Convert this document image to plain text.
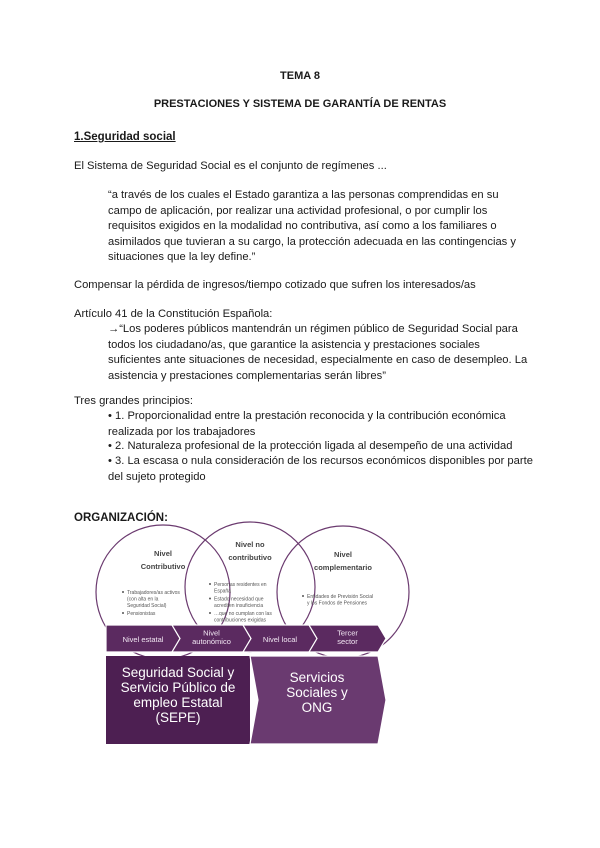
TEMA 8
PRESTACIONES Y SISTEMA DE GARANTÍA DE RENTAS
1.Seguridad social
El Sistema de Seguridad Social es el conjunto de regímenes ...
“a través de los cuales el Estado garantiza a las personas comprendidas en su campo de aplicación, por realizar una actividad profesional, o por cumplir los requisitos exigidos en la modalidad no contributiva, así como a los familiares o asimilados que tuvieran a su cargo, la protección adecuada en las contingencias y situaciones que la ley define.”
Compensar la pérdida de ingresos/tiempo cotizado que sufren los interesados/as
Artículo 41 de la Constitución Española:
→“Los poderes públicos mantendrán un régimen público de Seguridad Social para todos los ciudadano/as, que garantice la asistencia y prestaciones sociales suficientes ante situaciones de necesidad, especialmente en caso de desempleo. La asistencia y prestaciones complementarias serán libres”
Tres grandes principios:
• 1. Proporcionalidad entre la prestación reconocida y la contribución económica realizada por los trabajadores
• 2. Naturaleza profesional de la protección ligada al desempeño de una actividad
• 3. La escasa o nula consideración de los recursos económicos disponibles por parte del sujeto protegido
ORGANIZACIÓN:
Nivel Contributivo
Trabajadores/as activos (con alta en la Seguridad Social)
Pensionistas
Nivel no contributivo
Personas residentes en España
Estado necesidad que acrediten insuficiencia
…que no cumplan con las contribuciones exigidas
Nivel complementario
Entidades de Previsión Social y los Fondos de Pensiones
Nivel estatal
Nivel autonómico	Nivel local
Tercer sector
Seguridad Social y Servicio Público de empleo Estatal (SEPE)
Servicios Sociales y ONG
